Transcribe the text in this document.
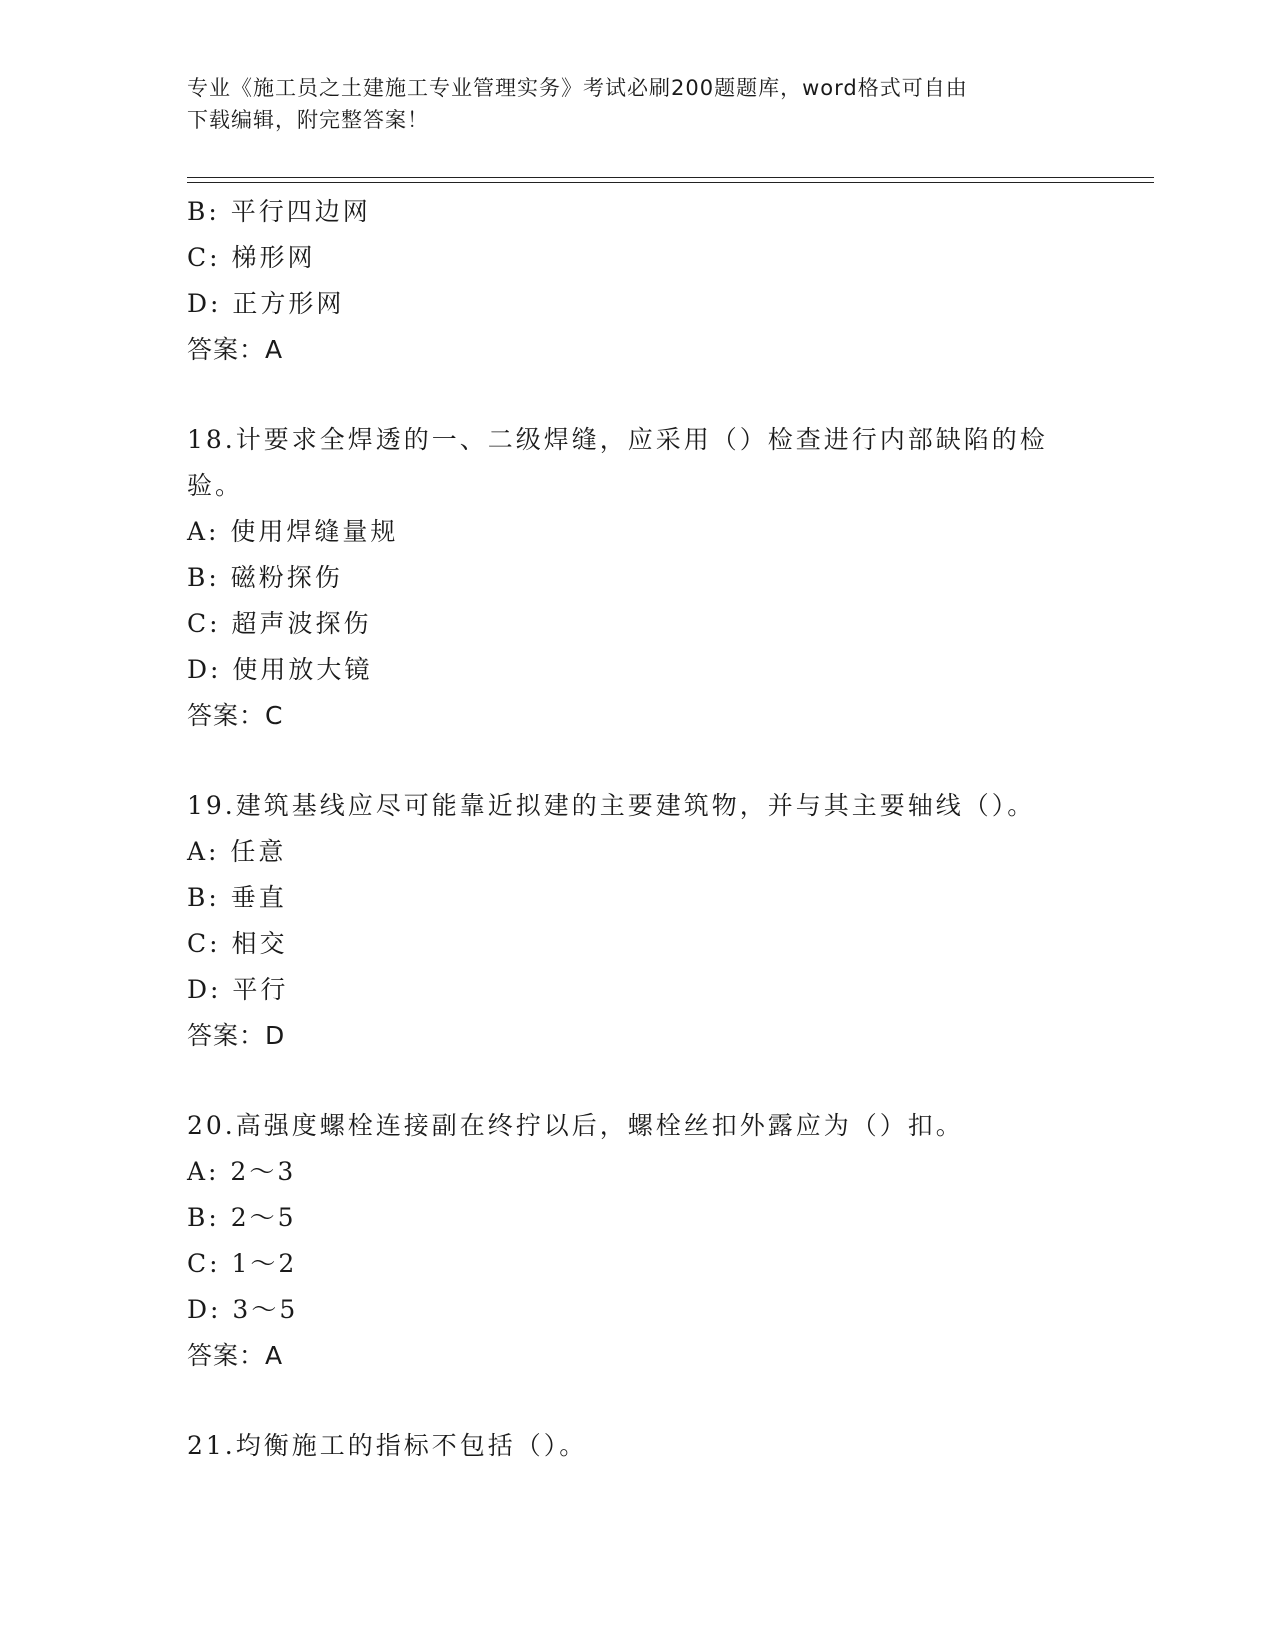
专业《施工员之土建施工专业管理实务》考试必刷200题题库，word格式可自由
下载编辑，附完整答案！
B: 平行四边网
C: 梯形网
D: 正方形网
答案：A
18.计要求全焊透的一、二级焊缝，应采用（）检查进行内部缺陷的检
验。
A: 使用焊缝量规
B: 磁粉探伤
C: 超声波探伤
D: 使用放大镜
答案：C
19.建筑基线应尽可能靠近拟建的主要建筑物，并与其主要轴线（）。
A: 任意
B: 垂直
C: 相交
D: 平行
答案：D
20.高强度螺栓连接副在终拧以后，螺栓丝扣外露应为（）扣。
A: 2～3
B: 2～5
C: 1～2
D: 3～5
答案：A
21.均衡施工的指标不包括（）。
